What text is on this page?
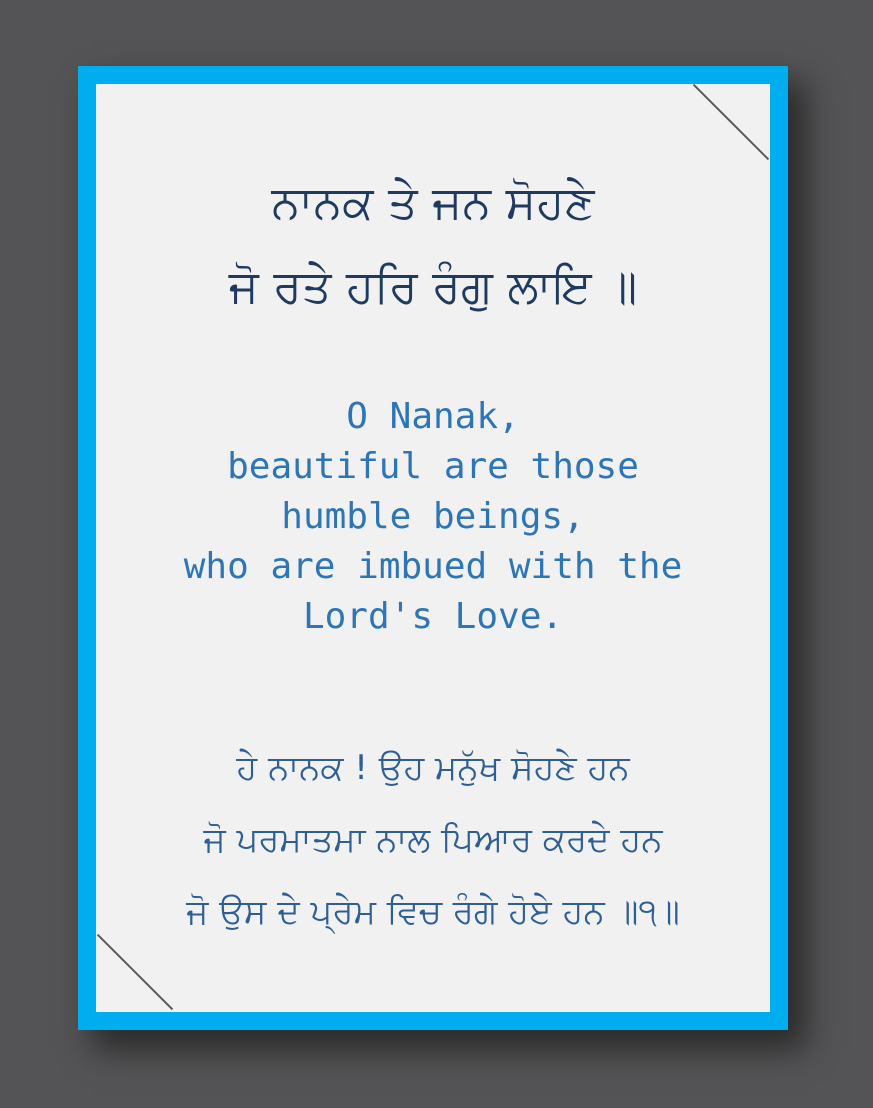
ਨਾਨਕ ਤੇ ਜਨ ਸੋਹਣੇ
ਜੋ ਰਤੇ ਹਰਿ ਰੰਗੁ ਲਾਇ ॥
O Nanak,
beautiful are those
humble beings,
who are imbued with the
Lord's Love.
ਹੇ ਨਾਨਕ ! ਉਹ ਮਨੁੱਖ ਸੋਹਣੇ ਹਨ
ਜੋ ਪਰਮਾਤਮਾ ਨਾਲ ਪਿਆਰ ਕਰਦੇ ਹਨ
ਜੋ ਉਸ ਦੇ ਪ੍ਰੇਮ ਵਿਚ ਰੰਗੇ ਹੋਏ ਹਨ ॥੧॥
